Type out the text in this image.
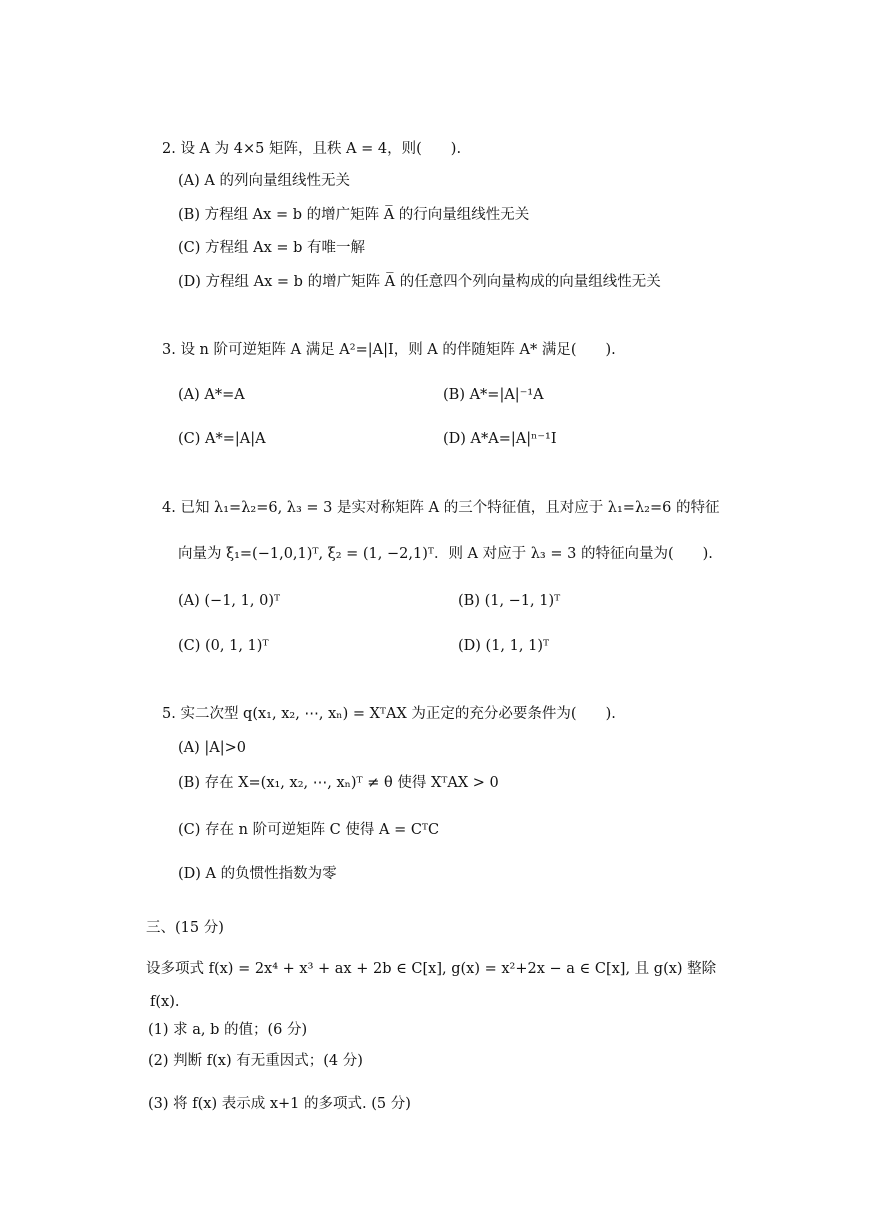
2. 设 A 为 4×5 矩阵，且秩 A = 4，则(　　).
(A) A 的列向量组线性无关
(B) 方程组 Ax = b 的增广矩阵 A̅ 的行向量组线性无关
(C) 方程组 Ax = b 有唯一解
(D) 方程组 Ax = b 的增广矩阵 A̅ 的任意四个列向量构成的向量组线性无关
3. 设 n 阶可逆矩阵 A 满足 A²=|A|I，则 A 的伴随矩阵 A* 满足(　　).
(A) A*=A	(B) A*=|A|⁻¹A
(C) A*=|A|A	(D) A*A=|A|ⁿ⁻¹I
4. 已知 λ₁=λ₂=6, λ₃ = 3 是实对称矩阵 A 的三个特征值，且对应于 λ₁=λ₂=6 的特征
向量为 ξ₁=(−1,0,1)ᵀ, ξ₂ = (1, −2,1)ᵀ．则 A 对应于 λ₃ = 3 的特征向量为(　　).
(A) (−1, 1, 0)ᵀ	(B) (1, −1, 1)ᵀ
(C) (0, 1, 1)ᵀ	(D) (1, 1, 1)ᵀ
5. 实二次型 q(x₁, x₂, ⋯, xₙ) = XᵀAX 为正定的充分必要条件为(　　).
(A) |A|>0
(B) 存在 X=(x₁, x₂, ⋯, xₙ)ᵀ ≠ θ 使得 XᵀAX > 0
(C) 存在 n 阶可逆矩阵 C 使得 A = CᵀC
(D) A 的负惯性指数为零
三、(15 分)
设多项式 f(x) = 2x⁴ + x³ + ax + 2b ∈ C[x], g(x) = x²+2x − a ∈ C[x], 且 g(x) 整除
f(x).
(1) 求 a, b 的值；(6 分)
(2) 判断 f(x) 有无重因式；(4 分)
(3) 将 f(x) 表示成 x+1 的多项式. (5 分)
